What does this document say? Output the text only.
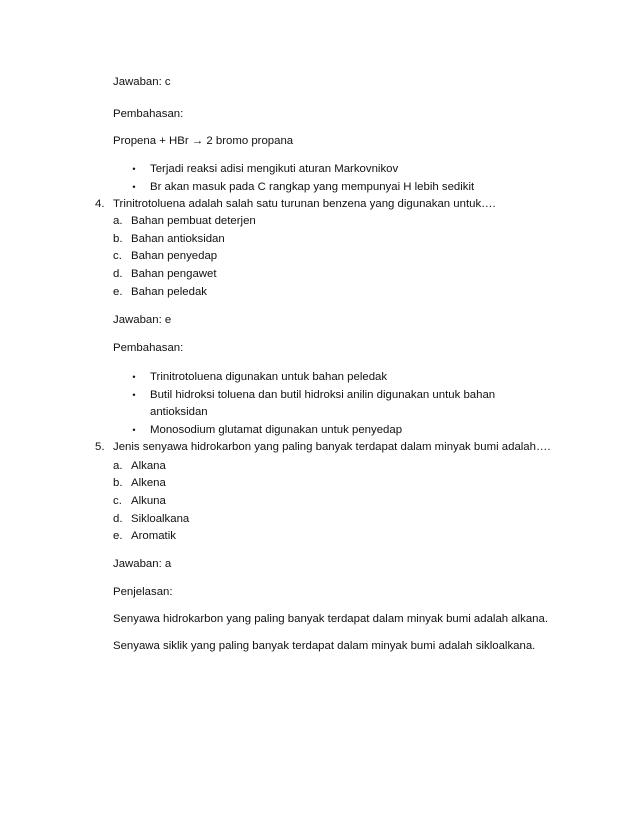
Jawaban: c
Pembahasan:
Propena + HBr → 2 bromo propana
• Terjadi reaksi adisi mengikuti aturan Markovnikov
• Br akan masuk pada C rangkap yang mempunyai H lebih sedikit
4. Trinitrotoluena adalah salah satu turunan benzena yang digunakan untuk….
a. Bahan pembuat deterjen
b. Bahan antioksidan
c. Bahan penyedap
d. Bahan pengawet
e. Bahan peledak
Jawaban: e
Pembahasan:
• Trinitrotoluena digunakan untuk bahan peledak
• Butil hidroksi toluena dan butil hidroksi anilin digunakan untuk bahan
antioksidan
• Monosodium glutamat digunakan untuk penyedap
5. Jenis senyawa hidrokarbon yang paling banyak terdapat dalam minyak bumi adalah….
a. Alkana
b. Alkena
c. Alkuna
d. Sikloalkana
e. Aromatik
Jawaban: a
Penjelasan:
Senyawa hidrokarbon yang paling banyak terdapat dalam minyak bumi adalah alkana.
Senyawa siklik yang paling banyak terdapat dalam minyak bumi adalah sikloalkana.
